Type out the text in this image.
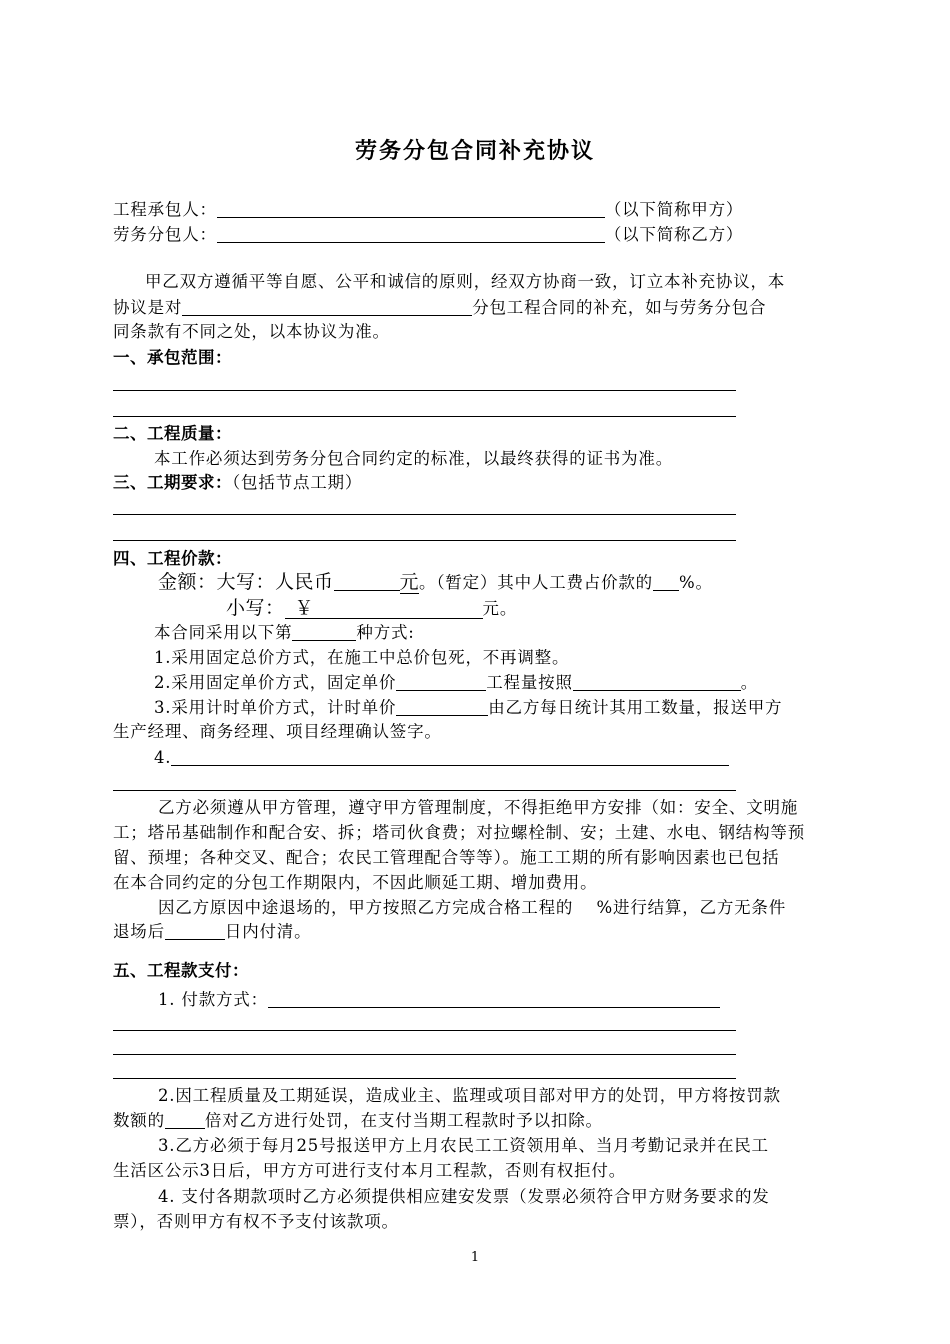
劳务分包合同补充协议
工程承包人：	（以下简称甲方）
劳务分包人：	（以下简称乙方）
甲乙双方遵循平等自愿、公平和诚信的原则，经双方协商一致，订立本补充协议，本
协议是对	分包工程合同的补充，如与劳务分包合
同条款有不同之处，以本协议为准。
一、承包范围：
二、工程质量：
本工作必须达到劳务分包合同约定的标准，以最终获得的证书为准。
三、工期要求：（包括节点工期）
四、工程价款：
金额：大写：人民币	元。（暂定）其中人工费占价款的 %。
小写： ￥	元。
本合同采用以下第	种方式:
1.采用固定总价方式，在施工中总价包死，不再调整。
2.采用固定单价方式，固定单价	工程量按照	。
3.采用计时单价方式，计时单价	由乙方每日统计其用工数量，报送甲方
生产经理、商务经理、项目经理确认签字。
4.
乙方必须遵从甲方管理，遵守甲方管理制度，不得拒绝甲方安排（如：安全、文明施
工；塔吊基础制作和配合安、拆；塔司伙食费；对拉螺栓制、安；土建、水电、钢结构等预
留、预埋；各种交叉、配合；农民工管理配合等等）。施工工期的所有影响因素也已包括
在本合同约定的分包工作期限内，不因此顺延工期、增加费用。
因乙方原因中途退场的，甲方按照乙方完成合格工程的　 %进行结算，乙方无条件
退场后	日内付清。
五、工程款支付：
1. 付款方式：
2.因工程质量及工期延误，造成业主、监理或项目部对甲方的处罚，甲方将按罚款
数额的 倍对乙方进行处罚，在支付当期工程款时予以扣除。
3.乙方必须于每月25号报送甲方上月农民工工资领用单、当月考勤记录并在民工
生活区公示3日后，甲方方可进行支付本月工程款，否则有权拒付。
4. 支付各期款项时乙方必须提供相应建安发票（发票必须符合甲方财务要求的发
票），否则甲方有权不予支付该款项。
1
